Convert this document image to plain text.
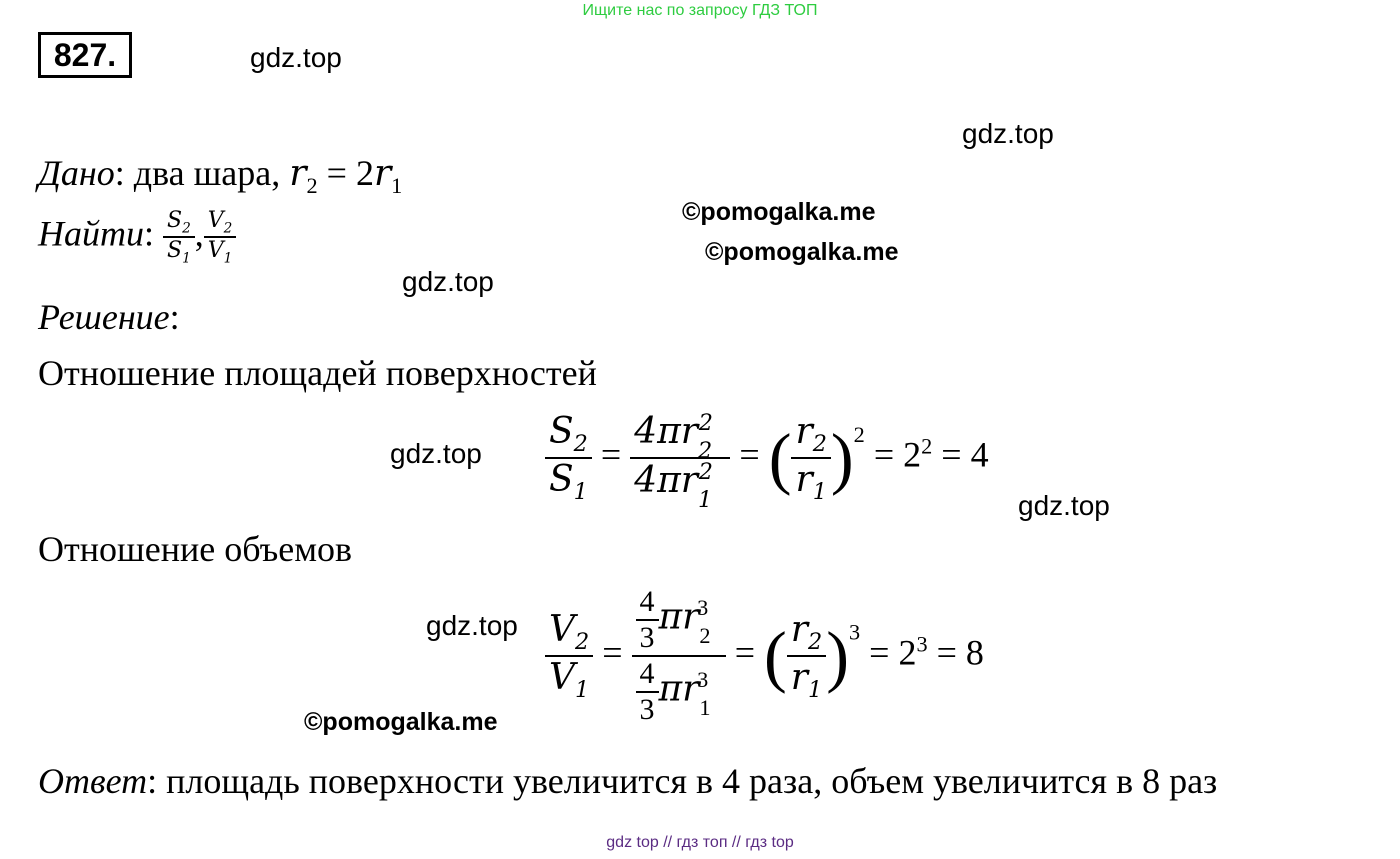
Ищите нас по запросу ГДЗ ТОП
827.	gdz.top
gdz.top
©pomogalka.me
©pomogalka.me
gdz.top
gdz.top
gdz.top
gdz.top
©pomogalka.me
Дано: два шара, $r_2 = 2r_1$
Найти: $\frac{S_2}{S_1}$ , $\frac{V_2}{V_1}$
Решение:
Отношение площадей поверхностей
$\frac{S_2}{S_1} = \frac{4\pi r_2^2}{4\pi r_1^2}$ = ( $\frac{r_2}{r_1} )^2 = 2^2 = 4$
Отношение объемов
$\frac{V_2}{V_1} = \frac{\frac{4}{3} \pi r_2^3}{\frac{4}{3} \pi r_1^3}$ = ( $\frac{r_2}{r_1} )^3 = 2^3 = 8$
Ответ: площадь поверхности увеличится в 4 раза, объем увеличится в 8 раз
gdz top // гдз топ // гдз top
